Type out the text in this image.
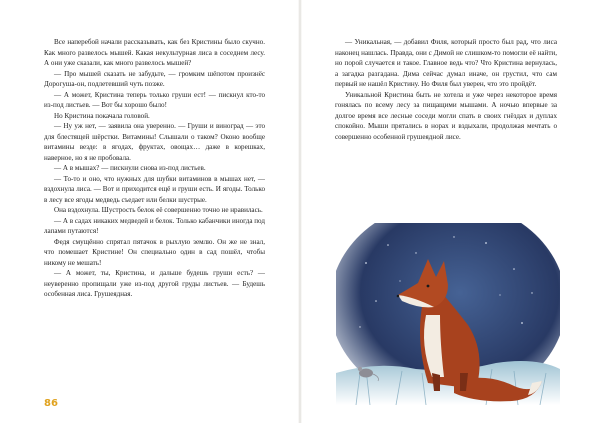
Все наперебой начали рассказывать, как без Кристины было скучно. Как много развелось мышей. Какая некультурная лиса в соседнем лесу. А они уже сказали, как много развелось мышей?

— Про мышей сказать не забудьте, — громким шёпотом произнёс Дорогуша-он, подлетевший чуть позже.

— А может, Кристина теперь только груши ест! — пискнул кто-то из-под листьев. — Вот бы хорошо было!

Но Кристина покачала головой.

— Ну уж нет, — заявила она уверенно. — Груши и виноград — это для блестящей шёрстки. Витамины! Слышали о таком? Оконо вообще витамины везде: в ягодах, фруктах, овощах… даже в корешках, наверное, но я не пробовала.

— А в мышах? — пискнули снова из-под листьев.

— То-то и оно, что нужных для шубки витаминов в мышах нет, — вздохнула лиса. — Вот и приходится ещё и груши есть. И ягоды. Только в лесу все ягоды медведь съедает или белки шустрые.

Она вздохнула. Шустрость белок её совершенно точно не нравилась.

— А в садах никаких медведей и белок. Только кабанчики иногда под лапами путаются!

Федя смущённо спрятал пятачок в рыхлую землю. Он же не знал, что помешает Кристине! Он специально один в сад пошёл, чтобы никому не мешать!

— А может, ты, Кристина, и дальше будешь груши есть? — неуверенно пропищали уже из-под другой груды листьев. — Будешь особенная лиса. Грушеядная.

86

— Уникальная, — добавил Филя, который просто был рад, что лиса наконец нашлась. Правда, они с Димой не слишком-то помогли её найти, но порой случается и такое. Главное ведь что? Что Кристина вернулась, а загадка разгадана. Дима сейчас думал иначе, он грустил, что сам первый не нашёл Кристину. Но Филя был уверен, что это пройдёт.

Уникальной Кристина быть не хотела и уже через некоторое время гонялась по всему лесу за пищащими мышами. А ночью впервые за долгое время все лесные соседи могли спать в своих гнёздах и дуплах спокойно. Мыши прятались в норах и вздыхали, продолжая мечтать о совершенно особенной грушеядной лисе.
